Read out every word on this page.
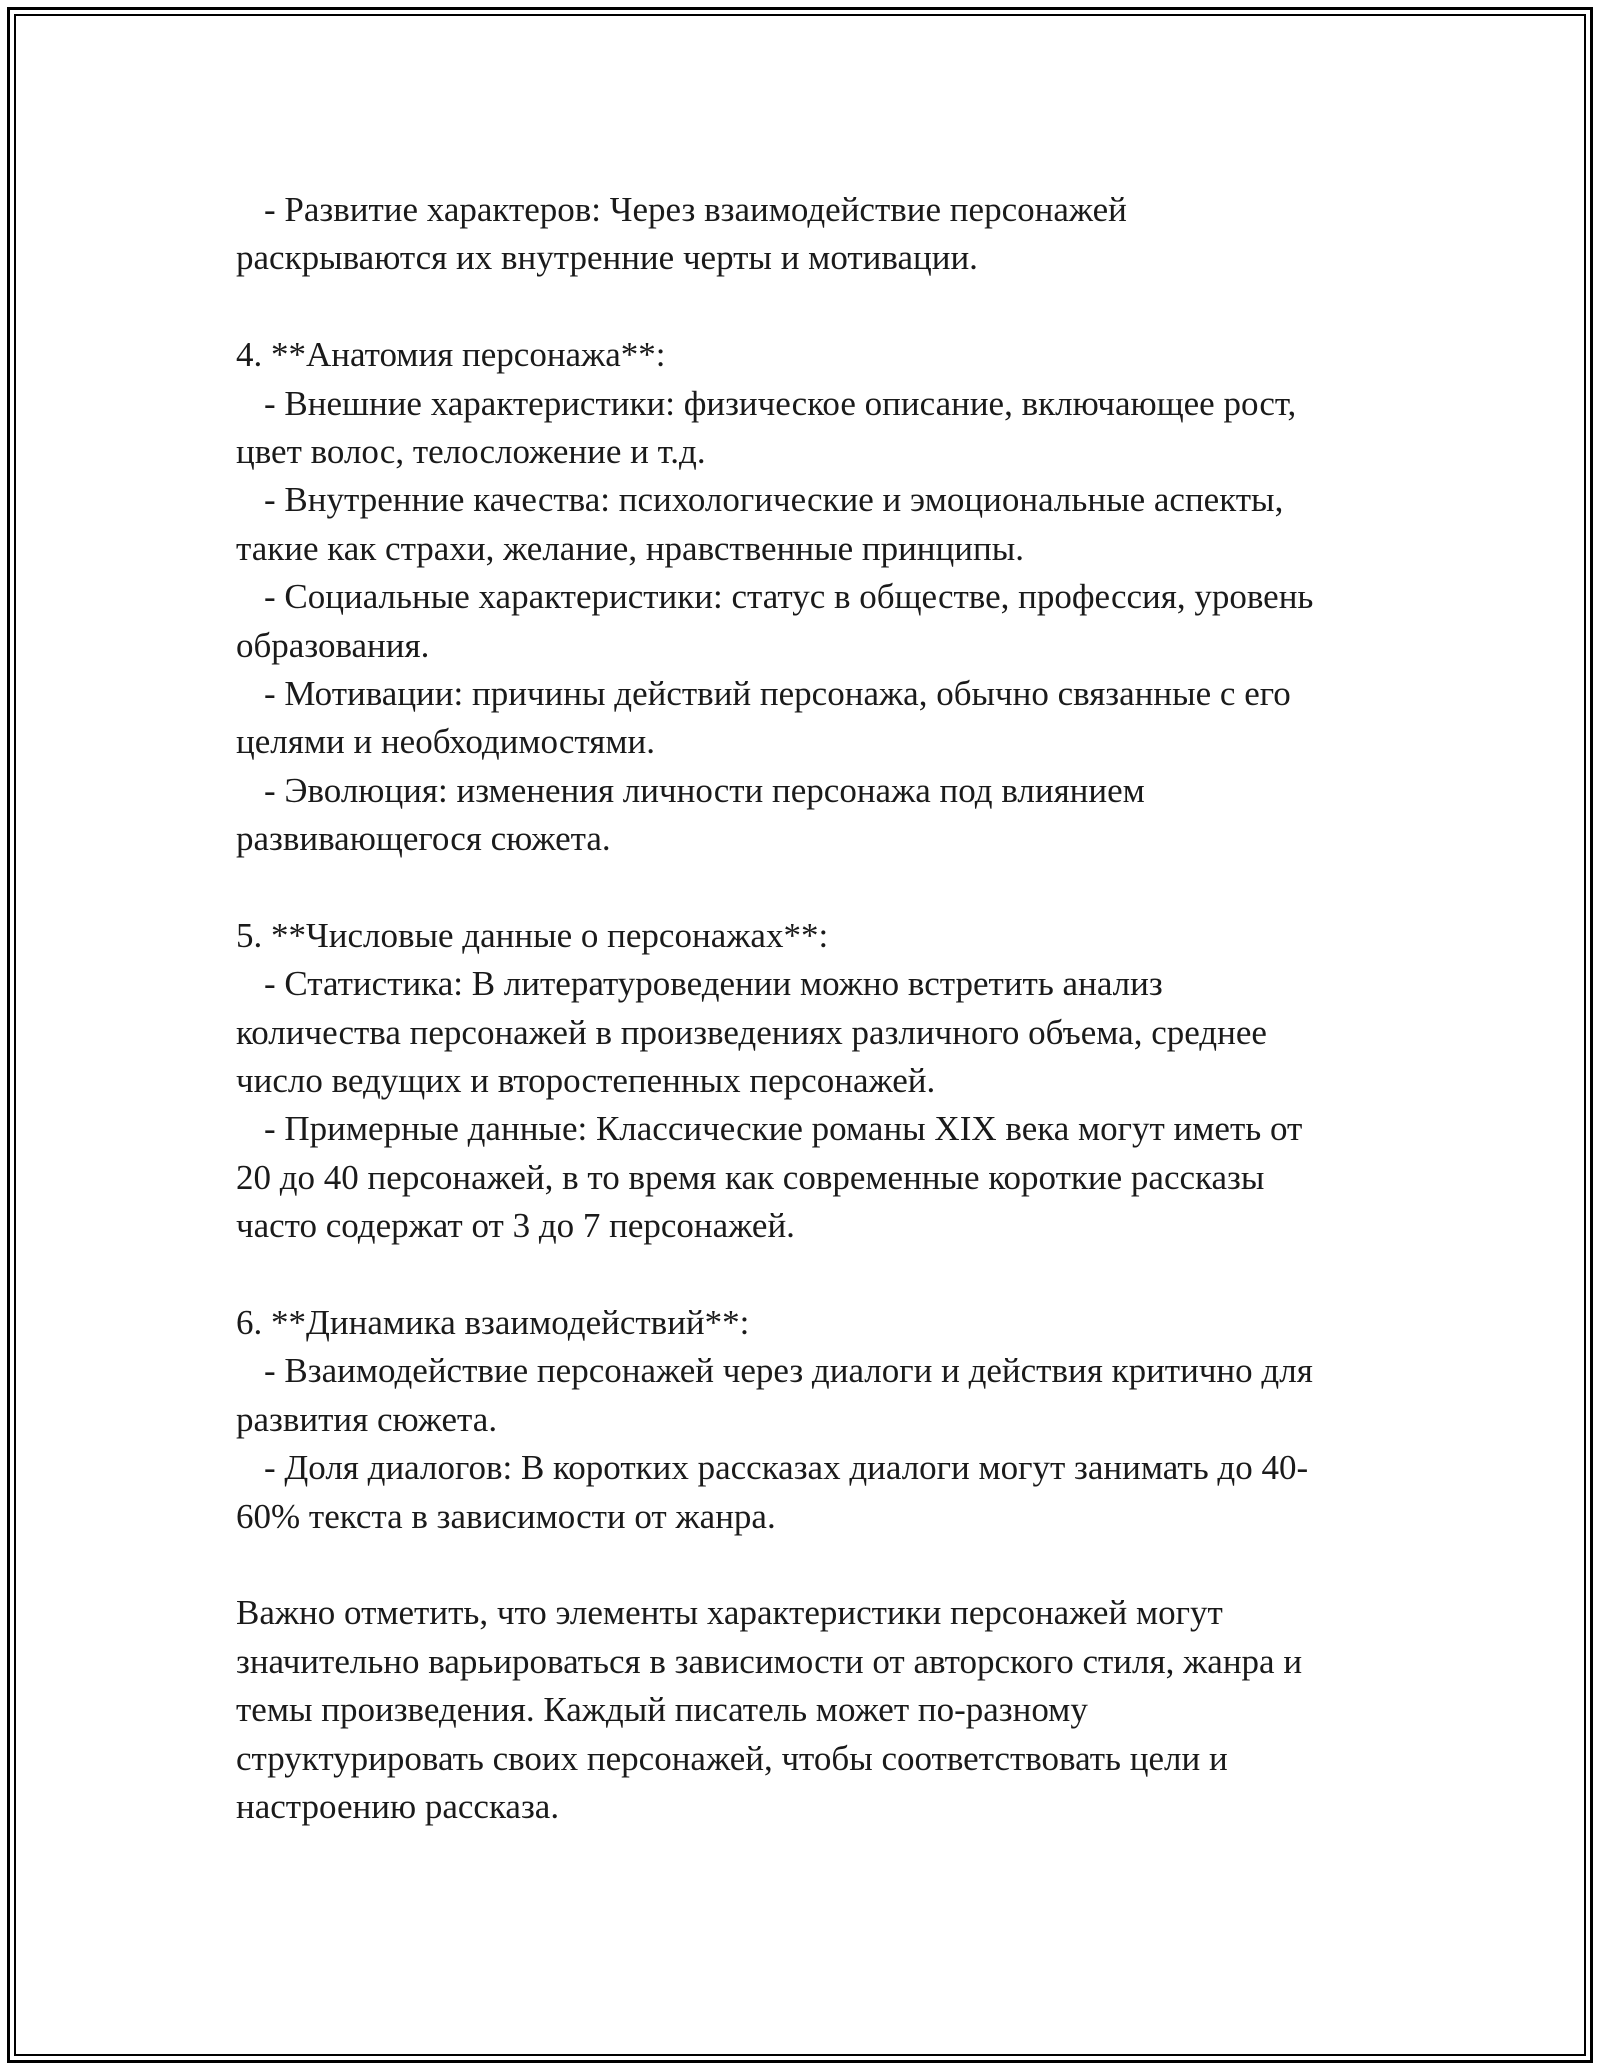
- Развитие характеров: Через взаимодействие персонажей
раскрываются их внутренние черты и мотивации.
4. **Анатомия персонажа**:
- Внешние характеристики: физическое описание, включающее рост,
цвет волос, телосложение и т.д.
- Внутренние качества: психологические и эмоциональные аспекты,
такие как страхи, желание, нравственные принципы.
- Социальные характеристики: статус в обществе, профессия, уровень
образования.
- Мотивации: причины действий персонажа, обычно связанные с его
целями и необходимостями.
- Эволюция: изменения личности персонажа под влиянием
развивающегося сюжета.
5. **Числовые данные о персонажах**:
- Статистика: В литературоведении можно встретить анализ
количества персонажей в произведениях различного объема, среднее
число ведущих и второстепенных персонажей.
- Примерные данные: Классические романы XIX века могут иметь от
20 до 40 персонажей, в то время как современные короткие рассказы
часто содержат от 3 до 7 персонажей.
6. **Динамика взаимодействий**:
- Взаимодействие персонажей через диалоги и действия критично для
развития сюжета.
- Доля диалогов: В коротких рассказах диалоги могут занимать до 40-
60% текста в зависимости от жанра.
Важно отметить, что элементы характеристики персонажей могут
значительно варьироваться в зависимости от авторского стиля, жанра и
темы произведения. Каждый писатель может по-разному
структурировать своих персонажей, чтобы соответствовать цели и
настроению рассказа.
